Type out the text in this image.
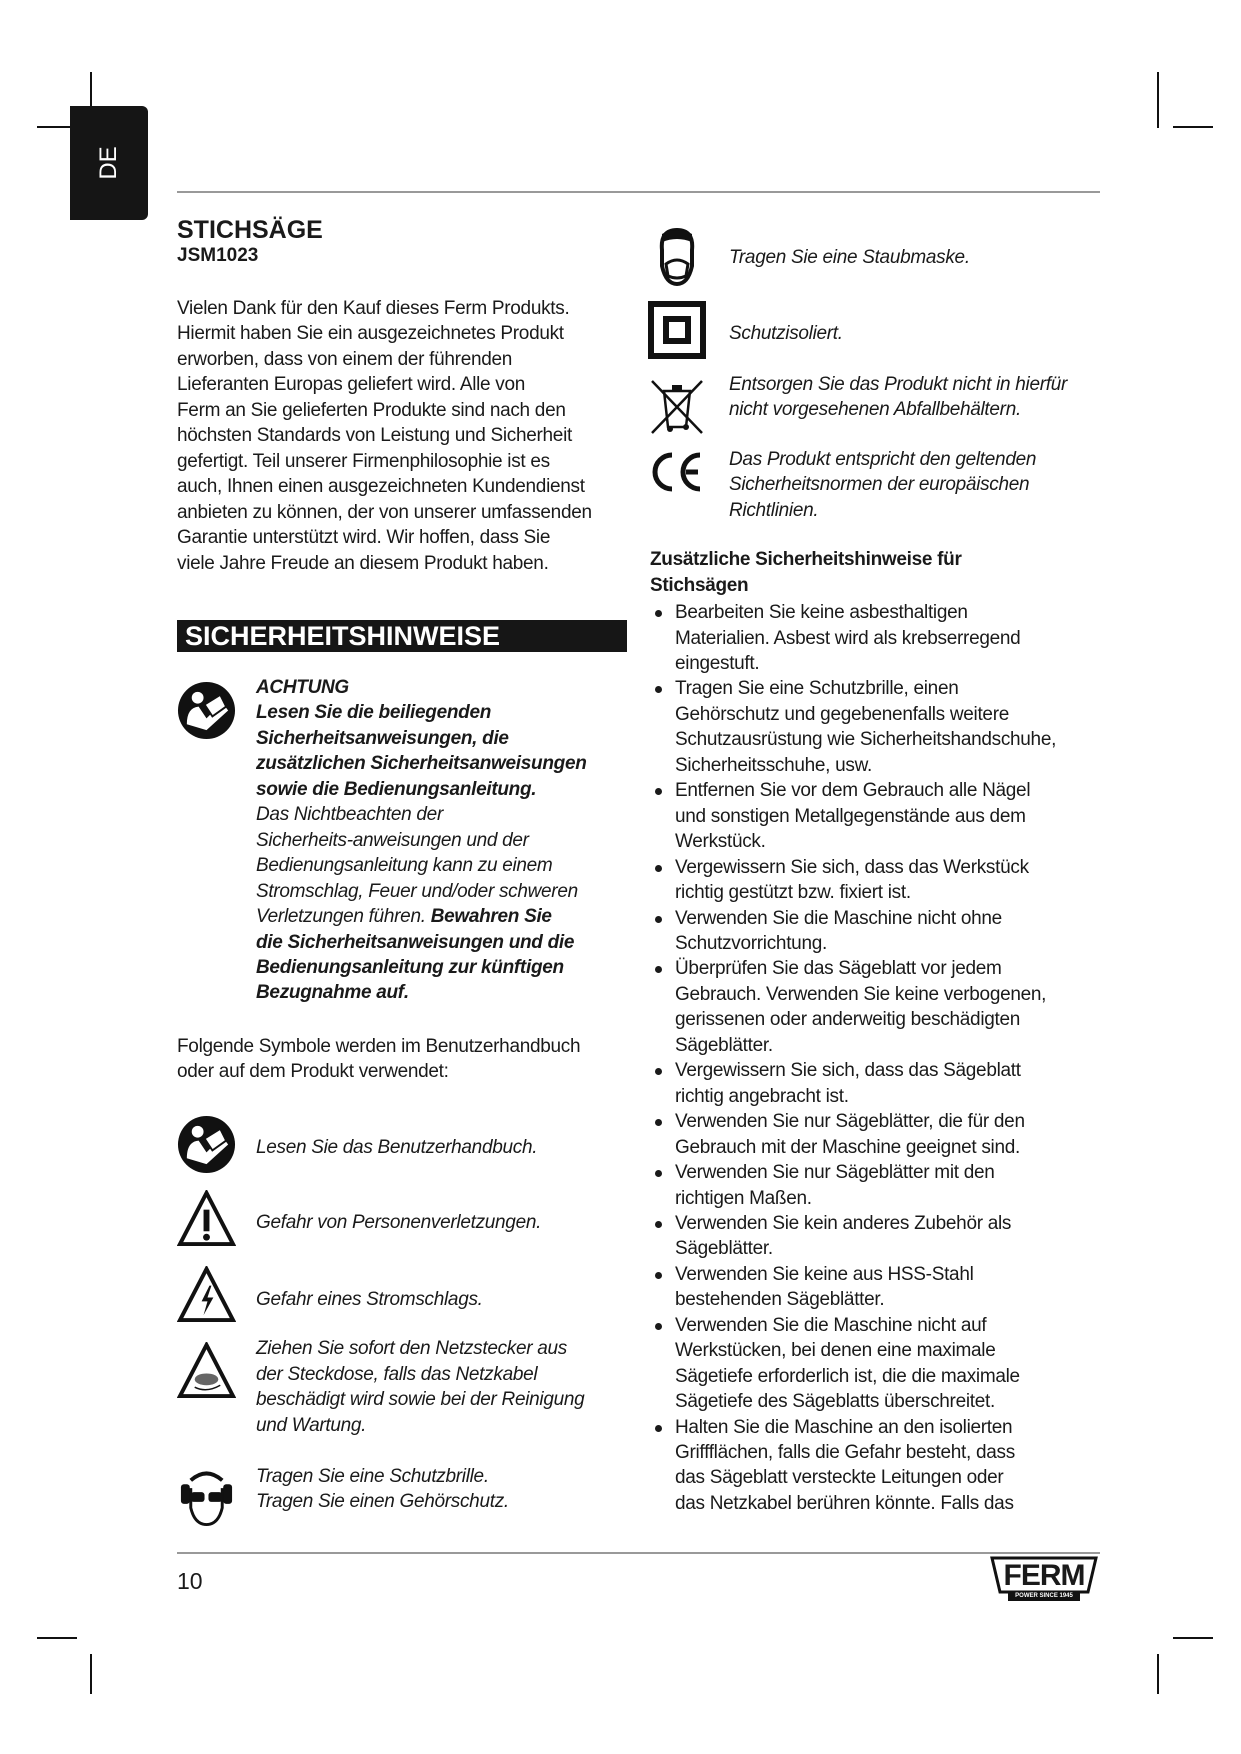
DE
STICHSÄGE
JSM1023
Vielen Dank für den Kauf dieses Ferm Produkts.
Hiermit haben Sie ein ausgezeichnetes Produkt
erworben, dass von einem der führenden
Lieferanten Europas geliefert wird. Alle von
Ferm an Sie gelieferten Produkte sind nach den
höchsten Standards von Leistung und Sicherheit
gefertigt. Teil unserer Firmenphilosophie ist es
auch, Ihnen einen ausgezeichneten Kundendienst
anbieten zu können, der von unserer umfassenden
Garantie unterstützt wird. Wir hoffen, dass Sie
viele Jahre Freude an diesem Produkt haben.
SICHERHEITSHINWEISE
ACHTUNG
Lesen Sie die beiliegenden
Sicherheitsanweisungen, die
zusätzlichen Sicherheitsanweisungen
sowie die Bedienungsanleitung.
Das Nichtbeachten der
Sicherheits-anweisungen und der
Bedienungsanleitung kann zu einem
Stromschlag, Feuer und/oder schweren
Verletzungen führen. Bewahren Sie
die Sicherheitsanweisungen und die
Bedienungsanleitung zur künftigen
Bezugnahme auf.
Folgende Symbole werden im Benutzerhandbuch
oder auf dem Produkt verwendet:
Lesen Sie das Benutzerhandbuch.
Gefahr von Personenverletzungen.
Gefahr eines Stromschlags.
Ziehen Sie sofort den Netzstecker aus
der Steckdose, falls das Netzkabel
beschädigt wird sowie bei der Reinigung
und Wartung.
Tragen Sie eine Schutzbrille.
Tragen Sie einen Gehörschutz.
Tragen Sie eine Staubmaske.
Schutzisoliert.
Entsorgen Sie das Produkt nicht in hierfür
nicht vorgesehenen Abfallbehältern.
Das Produkt entspricht den geltenden
Sicherheitsnormen der europäischen
Richtlinien.
Zusätzliche Sicherheitshinweise für
Stichsägen
Bearbeiten Sie keine asbesthaltigen
Materialien. Asbest wird als krebserregend
eingestuft.
Tragen Sie eine Schutzbrille, einen
Gehörschutz und gegebenenfalls weitere
Schutzausrüstung wie Sicherheitshandschuhe,
Sicherheitsschuhe, usw.
Entfernen Sie vor dem Gebrauch alle Nägel
und sonstigen Metallgegenstände aus dem
Werkstück.
Vergewissern Sie sich, dass das Werkstück
richtig gestützt bzw. fixiert ist.
Verwenden Sie die Maschine nicht ohne
Schutzvorrichtung.
Überprüfen Sie das Sägeblatt vor jedem
Gebrauch. Verwenden Sie keine verbogenen,
gerissenen oder anderweitig beschädigten
Sägeblätter.
Vergewissern Sie sich, dass das Sägeblatt
richtig angebracht ist.
Verwenden Sie nur Sägeblätter, die für den
Gebrauch mit der Maschine geeignet sind.
Verwenden Sie nur Sägeblätter mit den
richtigen Maßen.
Verwenden Sie kein anderes Zubehör als
Sägeblätter.
Verwenden Sie keine aus HSS-Stahl
bestehenden Sägeblätter.
Verwenden Sie die Maschine nicht auf
Werkstücken, bei denen eine maximale
Sägetiefe erforderlich ist, die die maximale
Sägetiefe des Sägeblatts überschreitet.
Halten Sie die Maschine an den isolierten
Griffflächen, falls die Gefahr besteht, dass
das Sägeblatt versteckte Leitungen oder
das Netzkabel berühren könnte. Falls das
10	FERM
POWER SINCE 1945
